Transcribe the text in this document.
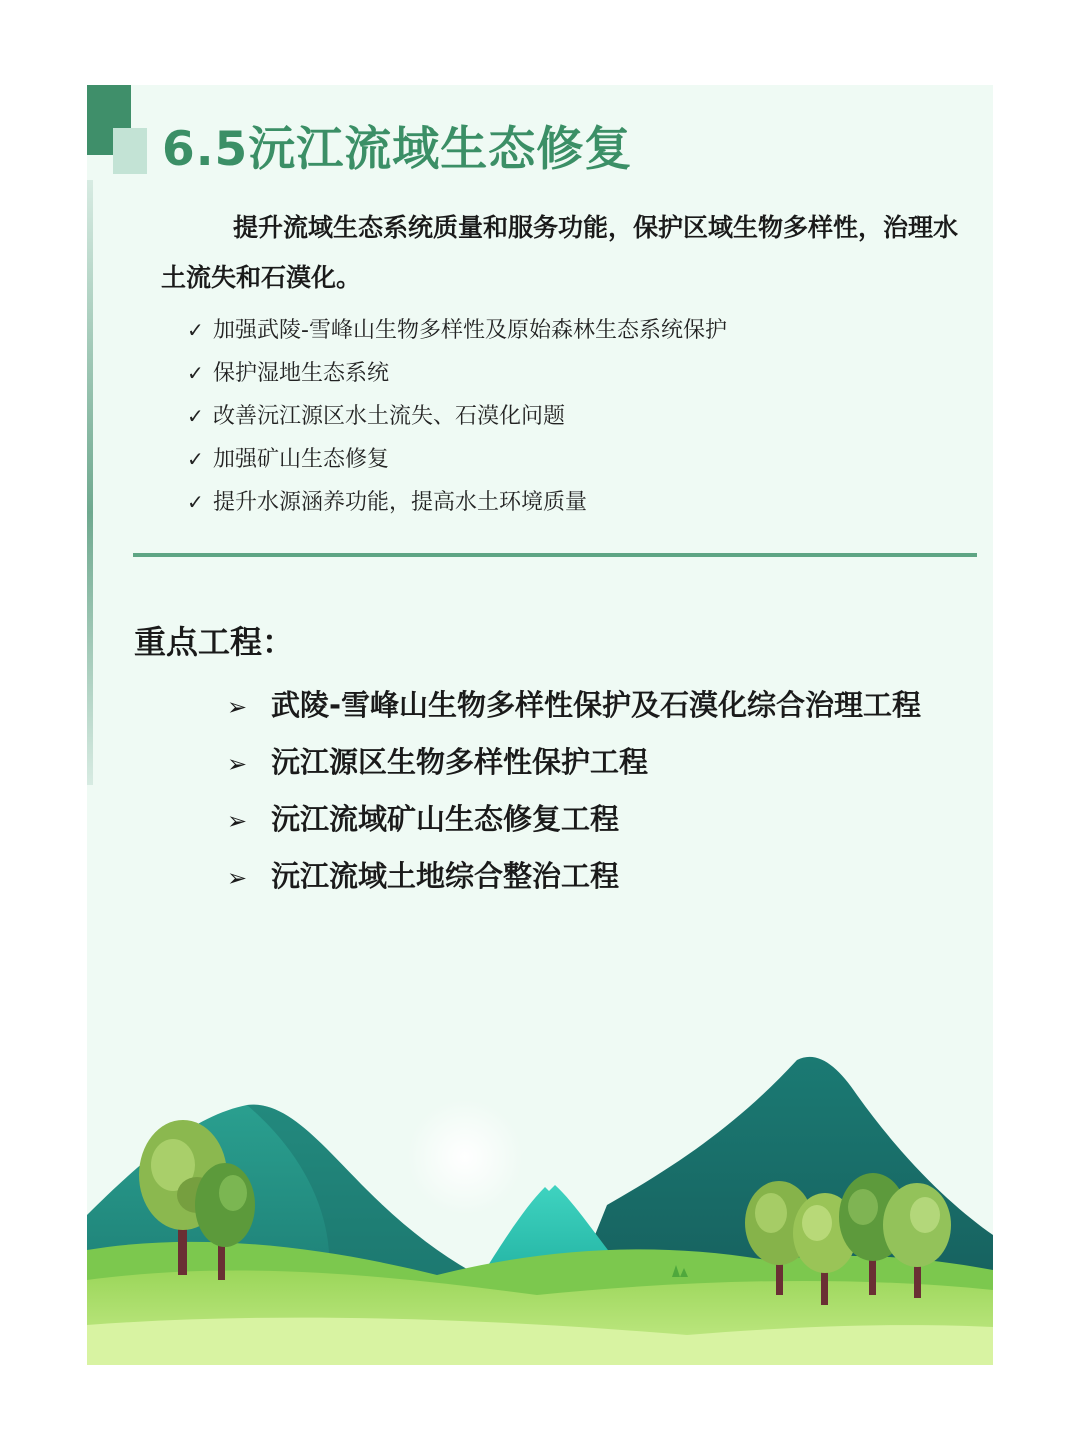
6.5沅江流域生态修复

提升流域生态系统质量和服务功能，保护区域生物多样性，治理水土流失和石漠化。

✓ 加强武陵-雪峰山生物多样性及原始森林生态系统保护
✓ 保护湿地生态系统
✓ 改善沅江源区水土流失、石漠化问题
✓ 加强矿山生态修复
✓ 提升水源涵养功能，提高水土环境质量
重点工程：
➢ 武陵-雪峰山生物多样性保护及石漠化综合治理工程
➢ 沅江源区生物多样性保护工程
➢ 沅江流域矿山生态修复工程
➢ 沅江流域土地综合整治工程
